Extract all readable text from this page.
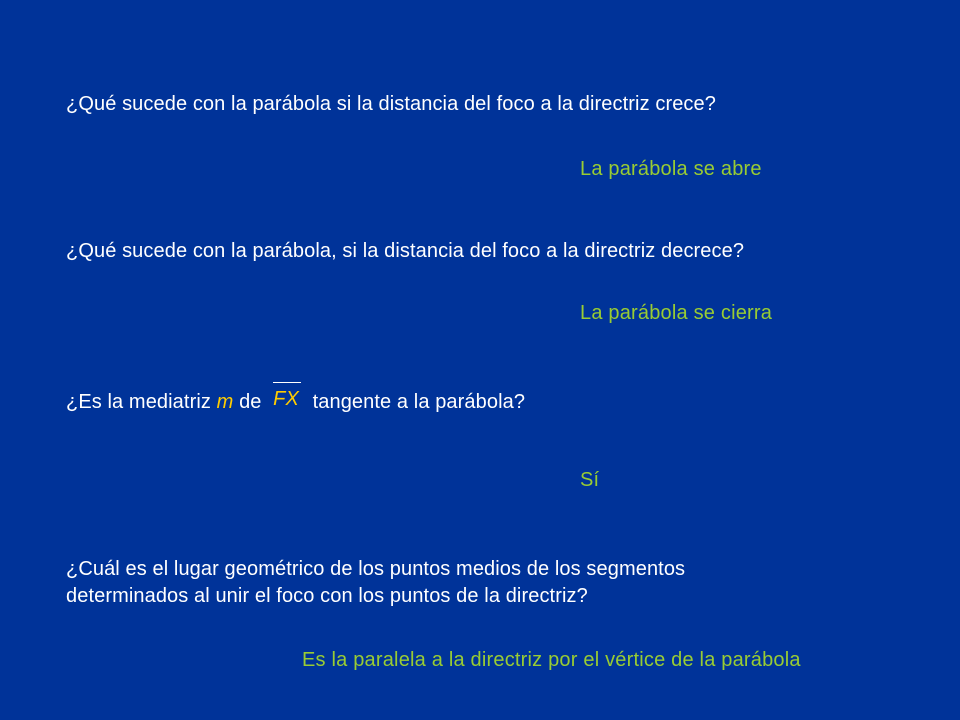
¿Qué sucede con la parábola si la distancia del foco a la directriz crece?
La parábola se abre
¿Qué sucede con la parábola, si la distancia del foco a la directriz decrece?
La parábola se cierra
¿Es la mediatriz m de
FX tangente a la parábola?
Sí
¿Cuál es el lugar geométrico de los puntos medios de los segmentos
determinados al unir el foco con los puntos de la directriz?
Es la paralela a la directriz por el vértice de la parábola
